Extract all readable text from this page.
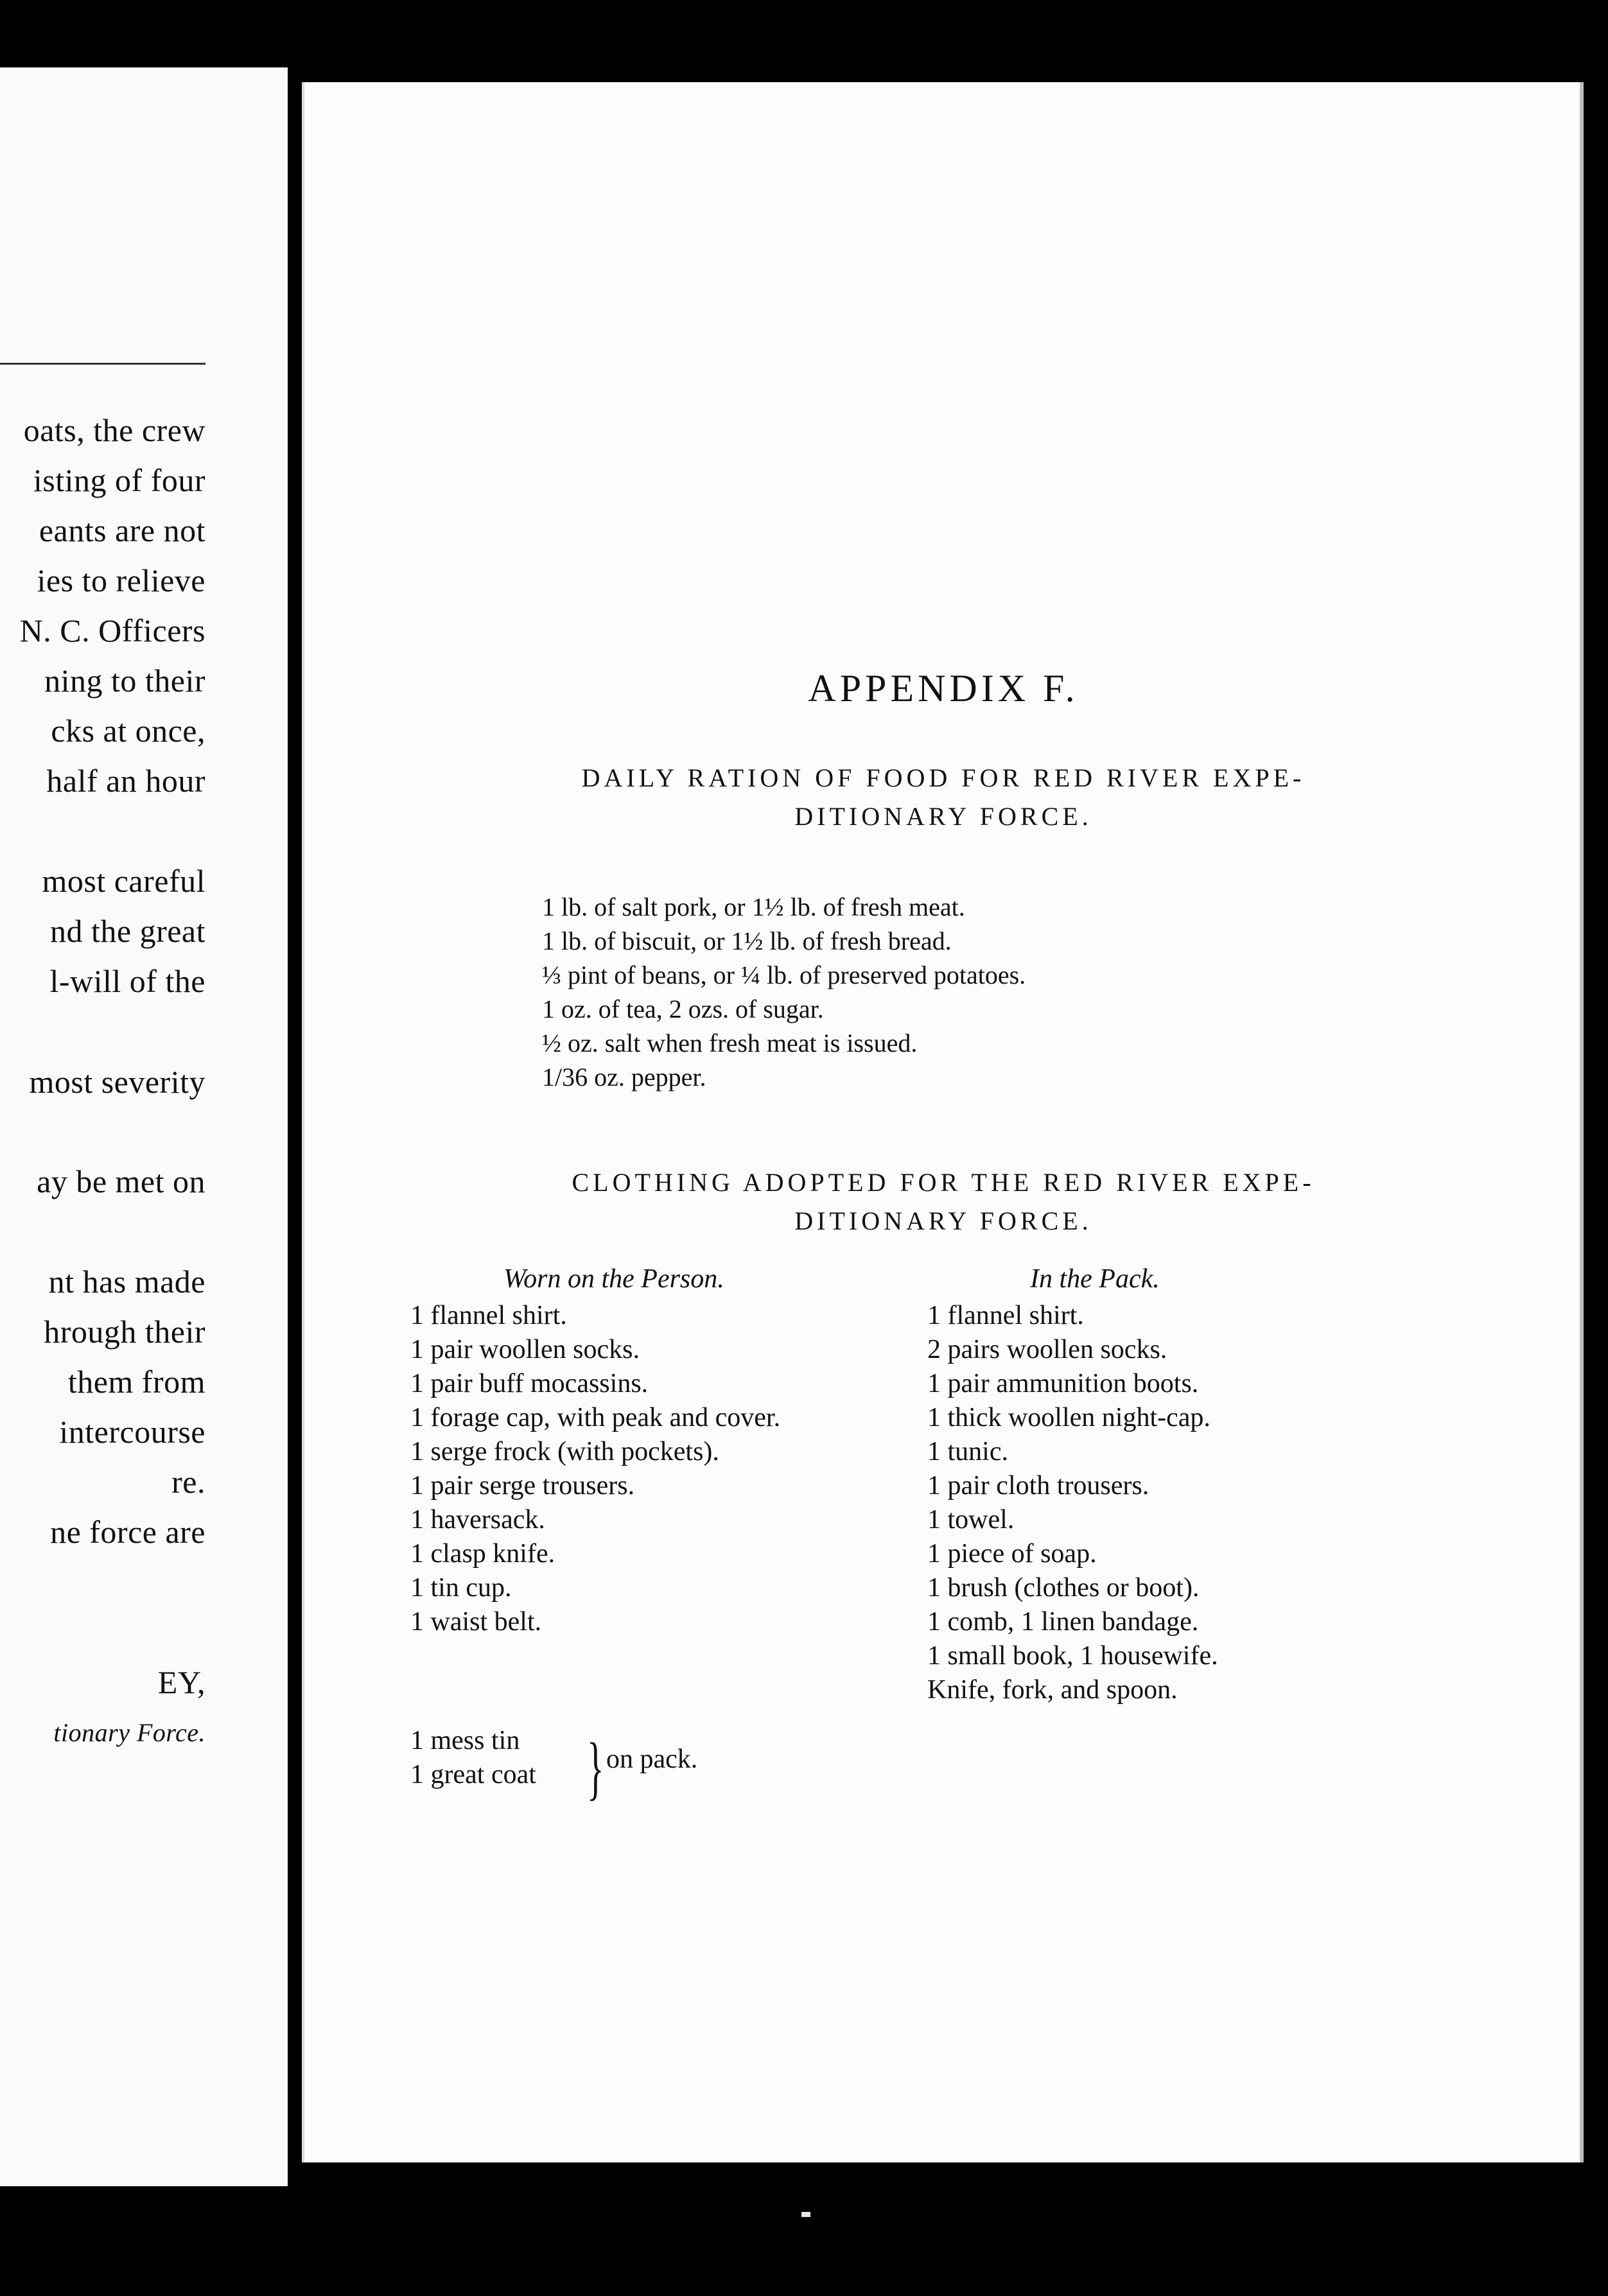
oats, the crew
isting of four
eants are not
ies to relieve
N. C. Officers
ning to their
cks at once,
half an hour
most careful
nd the great
l-will of the
most severity
ay be met on
nt has made
hrough their
them from
intercourse
re.
ne force are
EY,
tionary Force.
APPENDIX F.
DAILY RATION OF FOOD FOR RED RIVER EXPE-
DITIONARY FORCE.
1 lb. of salt pork, or 1½ lb. of fresh meat.
1 lb. of biscuit, or 1½ lb. of fresh bread.
⅓ pint of beans, or ¼ lb. of preserved potatoes.
1 oz. of tea, 2 ozs. of sugar.
½ oz. salt when fresh meat is issued.
1/36 oz. pepper.
CLOTHING ADOPTED FOR THE RED RIVER EXPE-
DITIONARY FORCE.
Worn on the Person.	In the Pack.
1 flannel shirt.
1 pair woollen socks.
1 pair buff mocassins.
1 forage cap, with peak and cover.
1 serge frock (with pockets).
1 pair serge trousers.
1 haversack.
1 clasp knife.
1 tin cup.
1 waist belt.
1 mess tin
1 great coat } on pack.
1 flannel shirt.
2 pairs woollen socks.
1 pair ammunition boots.
1 thick woollen night-cap.
1 tunic.
1 pair cloth trousers.
1 towel.
1 piece of soap.
1 brush (clothes or boot).
1 comb, 1 linen bandage.
1 small book, 1 housewife.
Knife, fork, and spoon.
